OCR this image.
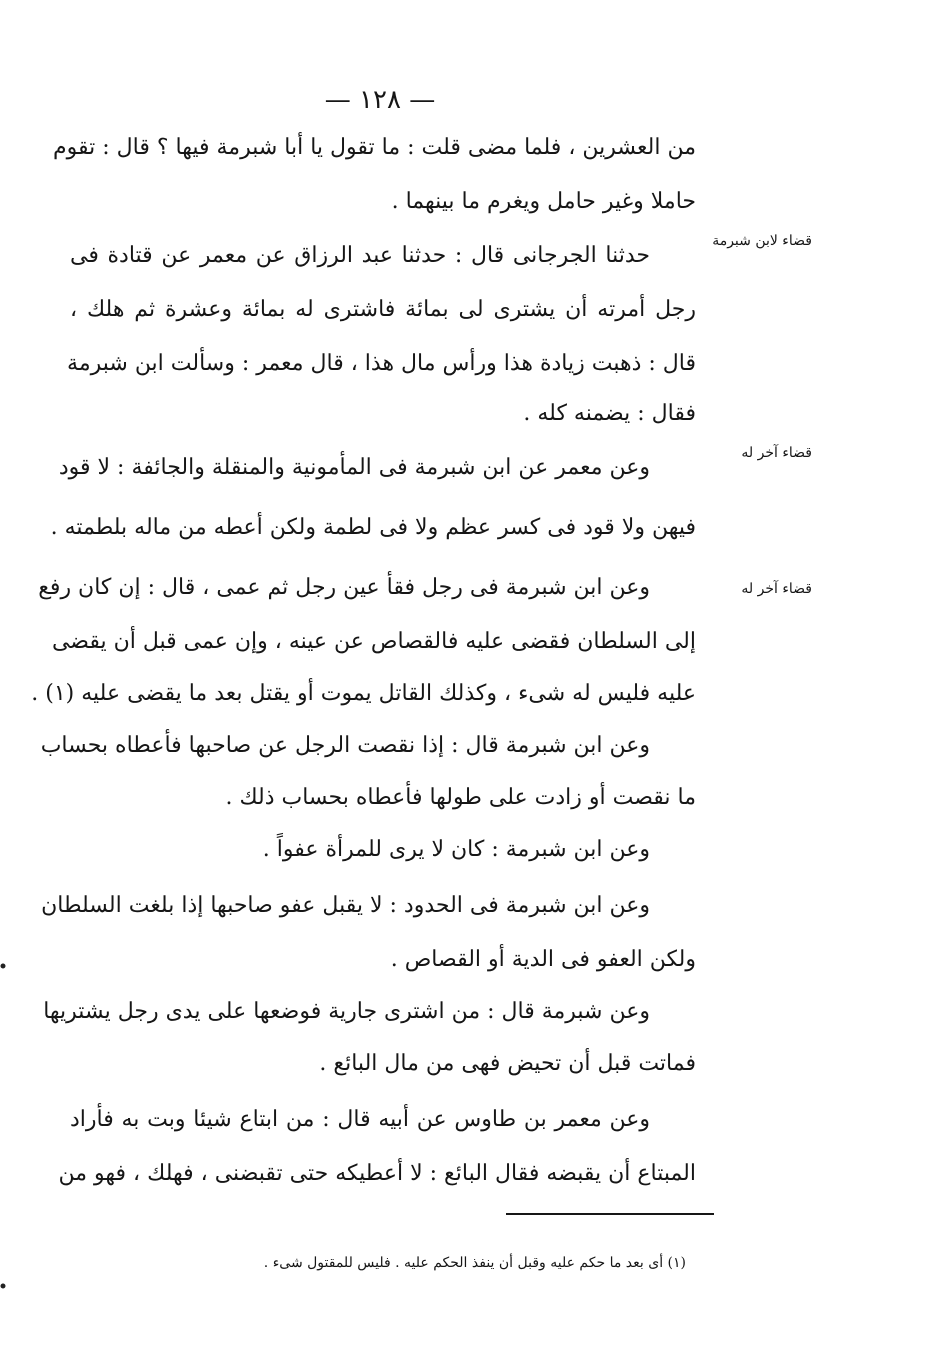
— ١٢٨ —
قضاء لابن شبرمة
قضاء آخر له
قضاء آخر له
من العشرين ، فلما مضى قلت : ما تقول يا أبا شبرمة فيها ؟ قال : تقوم
حاملا وغير حامل ويغرم ما بينهما .
حدثنا الجرجانى قال : حدثنا عبد الرزاق عن معمر عن قتادة فى
رجل أمرته أن يشترى لى بمائة فاشترى له بمائة وعشرة ثم هلك ،
قال : ذهبت زيادة هذا ورأس مال هذا ، قال معمر : وسألت ابن شبرمة
فقال : يضمنه كله .
وعن معمر عن ابن شبرمة فى المأمونية والمنقلة والجائفة : لا قود
فيهن ولا قود فى كسر عظم ولا فى لطمة ولكن أعطه من ماله بلطمته .
وعن ابن شبرمة فى رجل فقأ عين رجل ثم عمى ، قال : إن كان رفع
إلى السلطان فقضى عليه فالقصاص عن عينه ، وإن عمى قبل أن يقضى
عليه فليس له شىء ، وكذلك القاتل يموت أو يقتل بعد ما يقضى عليه (١) .
وعن ابن شبرمة قال : إذا نقصت الرجل عن صاحبها فأعطاه بحساب
ما نقصت أو زادت على طولها فأعطاه بحساب ذلك .
وعن ابن شبرمة : كان لا يرى للمرأة عفواً .
وعن ابن شبرمة فى الحدود : لا يقبل عفو صاحبها إذا بلغت السلطان
ولكن العفو فى الدية أو القصاص .
وعن شبرمة قال : من اشترى جارية فوضعها على يدى رجل يشتريها
فماتت قبل أن تحيض فهى من مال البائع .
وعن معمر بن طاوس عن أبيه قال : من ابتاع شيئا وبت به فأراد
المبتاع أن يقبضه فقال البائع : لا أعطيكه حتى تقبضنى ، فهلك ، فهو من
(١) أى بعد ما حكم عليه وقبل أن ينفذ الحكم عليه . فليس للمقتول شىء .
